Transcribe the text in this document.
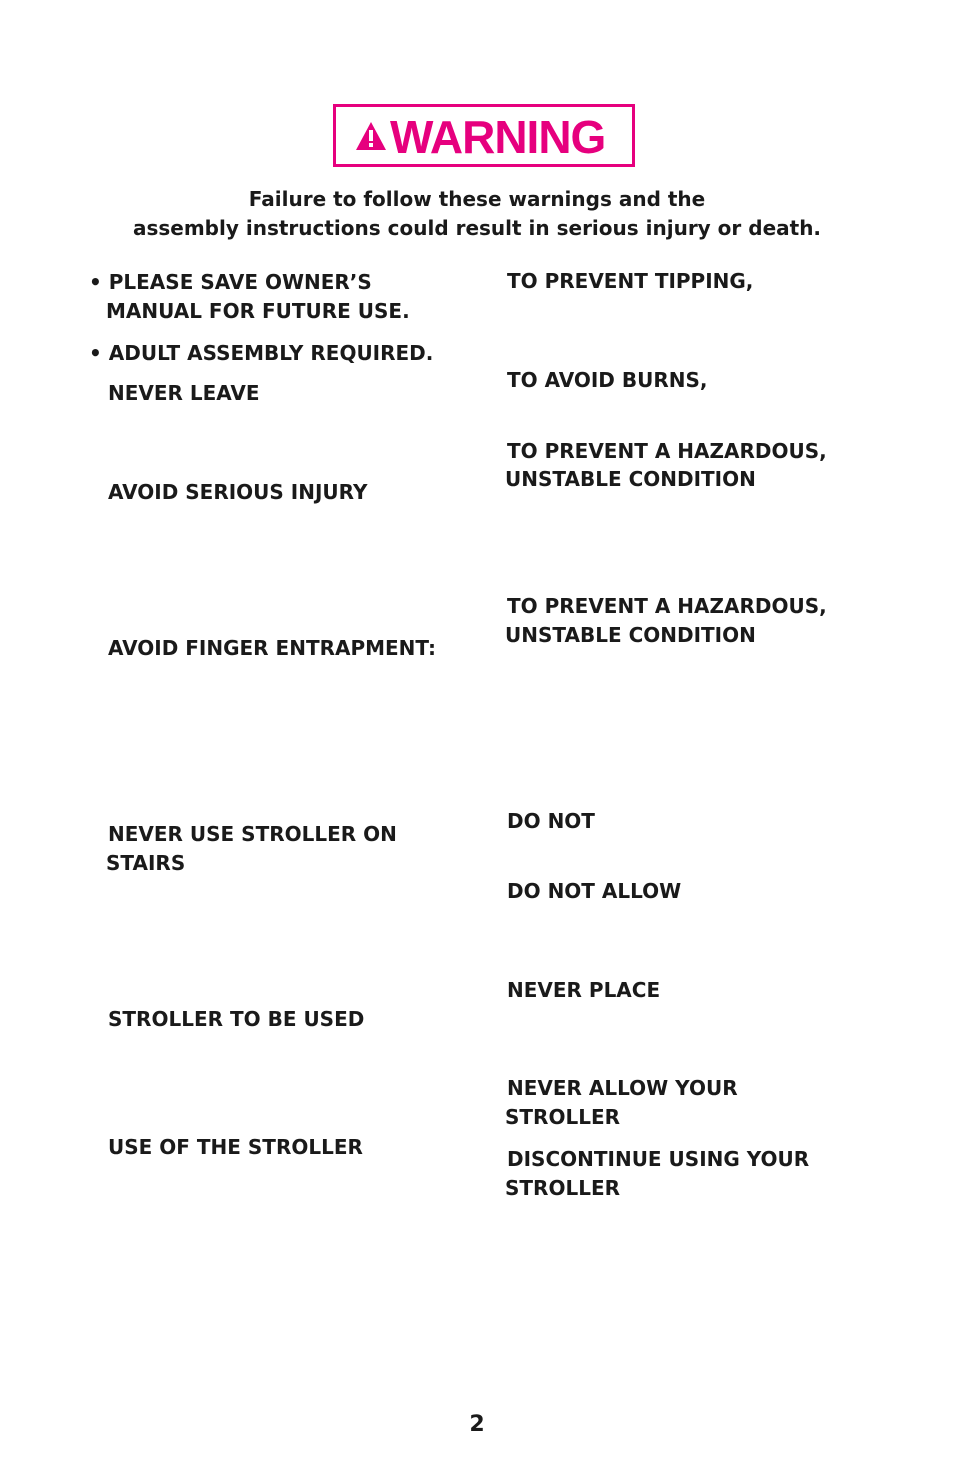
WARNING
Failure to follow these warnings and the
assembly instructions could result in serious injury or death.
• PLEASE SAVE OWNER’S
MANUAL FOR FUTURE USE.
• ADULT ASSEMBLY REQUIRED.
NEVER LEAVE
AVOID SERIOUS INJURY
AVOID FINGER ENTRAPMENT:
NEVER USE STROLLER ON
STAIRS
STROLLER TO BE USED
USE OF THE STROLLER
TO PREVENT TIPPING,
TO AVOID BURNS,
TO PREVENT A HAZARDOUS,
UNSTABLE CONDITION
TO PREVENT A HAZARDOUS,
UNSTABLE CONDITION
DO NOT
DO NOT ALLOW
NEVER PLACE
NEVER ALLOW YOUR
STROLLER
DISCONTINUE USING YOUR
STROLLER
2
